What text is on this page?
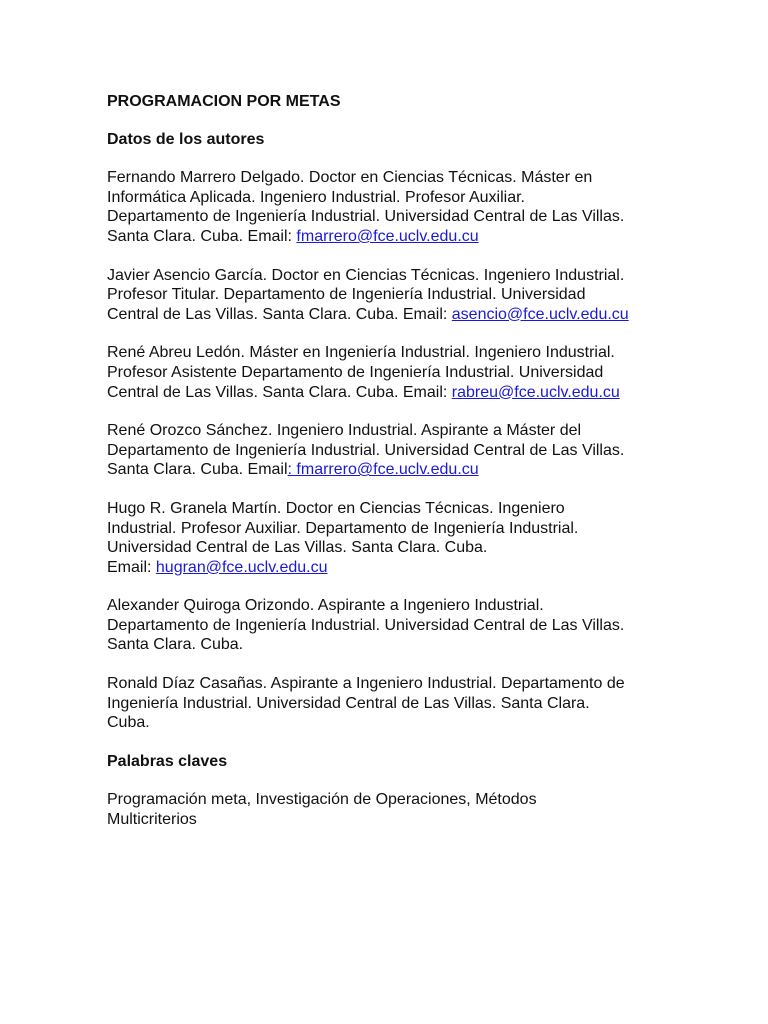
PROGRAMACION POR METAS
Datos de los autores
Fernando Marrero Delgado. Doctor en Ciencias Técnicas. Máster en
Informática Aplicada. Ingeniero Industrial. Profesor Auxiliar.
Departamento de Ingeniería Industrial. Universidad Central de Las Villas.
Santa Clara. Cuba. Email: fmarrero@fce.uclv.edu.cu
Javier Asencio García. Doctor en Ciencias Técnicas. Ingeniero Industrial.
Profesor Titular. Departamento de Ingeniería Industrial. Universidad
Central de Las Villas. Santa Clara. Cuba. Email: asencio@fce.uclv.edu.cu
René Abreu Ledón. Máster en Ingeniería Industrial. Ingeniero Industrial.
Profesor Asistente Departamento de Ingeniería Industrial. Universidad
Central de Las Villas. Santa Clara. Cuba. Email: rabreu@fce.uclv.edu.cu
René Orozco Sánchez. Ingeniero Industrial. Aspirante a Máster del
Departamento de Ingeniería Industrial. Universidad Central de Las Villas.
Santa Clara. Cuba. Email: fmarrero@fce.uclv.edu.cu
Hugo R. Granela Martín. Doctor en Ciencias Técnicas. Ingeniero
Industrial. Profesor Auxiliar. Departamento de Ingeniería Industrial.
Universidad Central de Las Villas. Santa Clara. Cuba.
Email: hugran@fce.uclv.edu.cu
Alexander Quiroga Orizondo. Aspirante a Ingeniero Industrial.
Departamento de Ingeniería Industrial. Universidad Central de Las Villas.
Santa Clara. Cuba.
Ronald Díaz Casañas. Aspirante a Ingeniero Industrial. Departamento de
Ingeniería Industrial. Universidad Central de Las Villas. Santa Clara.
Cuba.
Palabras claves
Programación meta, Investigación de Operaciones, Métodos
Multicriterios
